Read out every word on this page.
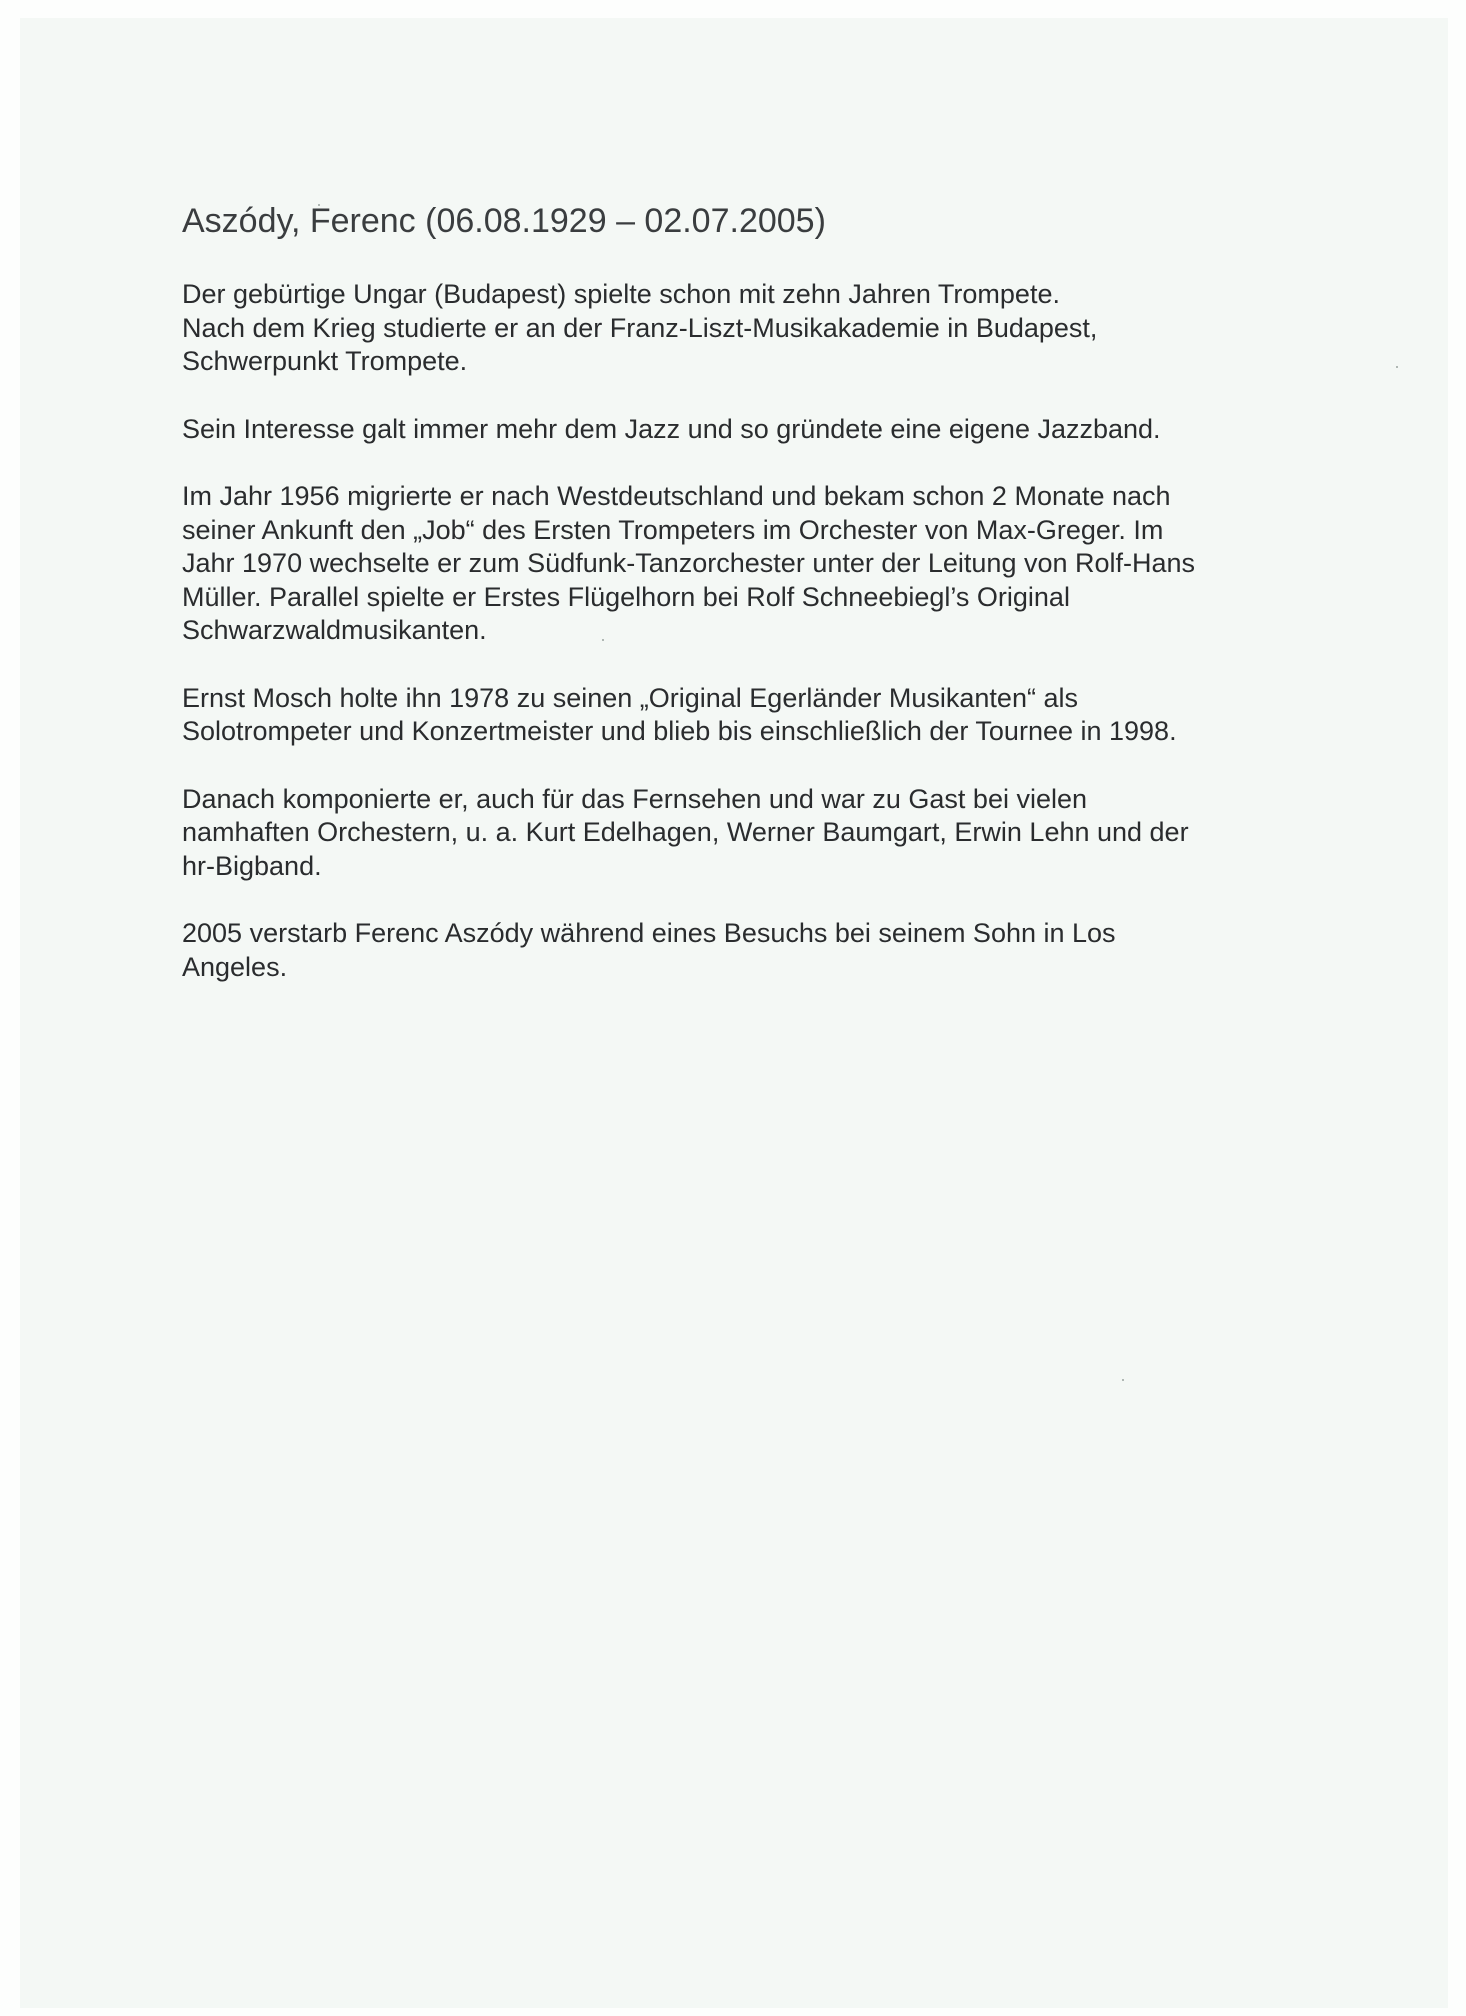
Aszódy, Ferenc (06.08.1929 – 02.07.2005)

Der gebürtige Ungar (Budapest) spielte schon mit zehn Jahren Trompete.
Nach dem Krieg studierte er an der Franz-Liszt-Musikakademie in Budapest,
Schwerpunkt Trompete.

Sein Interesse galt immer mehr dem Jazz und so gründete eine eigene Jazzband.

Im Jahr 1956 migrierte er nach Westdeutschland und bekam schon 2 Monate nach
seiner Ankunft den „Job“ des Ersten Trompeters im Orchester von Max-Greger. Im
Jahr 1970 wechselte er zum Südfunk-Tanzorchester unter der Leitung von Rolf-Hans
Müller. Parallel spielte er Erstes Flügelhorn bei Rolf Schneebiegl’s Original
Schwarzwaldmusikanten.

Ernst Mosch holte ihn 1978 zu seinen „Original Egerländer Musikanten“ als
Solotrompeter und Konzertmeister und blieb bis einschließlich der Tournee in 1998.

Danach komponierte er, auch für das Fernsehen und war zu Gast bei vielen
namhaften Orchestern, u. a. Kurt Edelhagen, Werner Baumgart, Erwin Lehn und der
hr-Bigband.

2005 verstarb Ferenc Aszódy während eines Besuchs bei seinem Sohn in Los
Angeles.
